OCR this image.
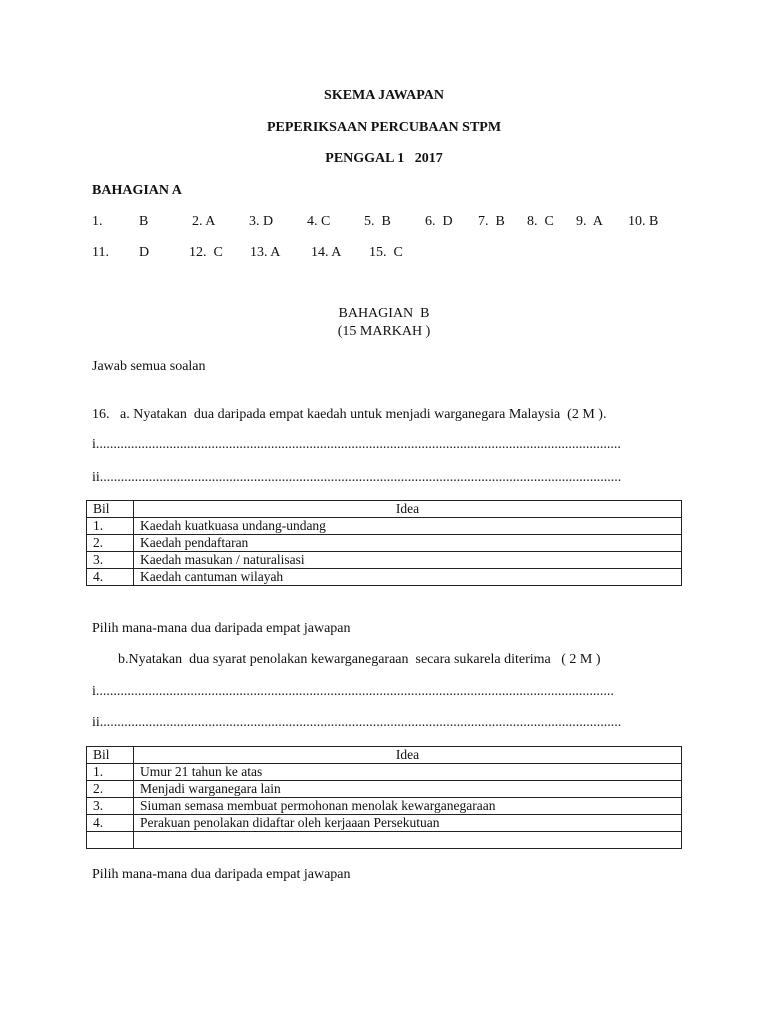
SKEMA JAWAPAN
PEPERIKSAAN PERCUBAAN STPM
PENGGAL 1   2017
BAHAGIAN A
1.	B	2. A 3. D 4. C 5.  B 6.  D 7.  B 8.  C 9.  A 10. B
11. D	12.  C 13. A 14. A 15.  C
BAHAGIAN  B
(15 MARKAH )
Jawab semua soalan
16.   a. Nyatakan  dua daripada empat kaedah untuk menjadi warganegara Malaysia  (2 M ).
i......................................................................................................................................................
ii.....................................................................................................................................................
Bil	Idea
1.	Kaedah kuatkuasa undang-undang
2.	Kaedah pendaftaran
3.	Kaedah masukan / naturalisasi
4.	Kaedah cantuman wilayah
Pilih mana-mana dua daripada empat jawapan
b.Nyatakan  dua syarat penolakan kewarganegaraan  secara sukarela diterima   ( 2 M )
i....................................................................................................................................................
ii.....................................................................................................................................................
Bil	Idea
1.	Umur 21 tahun ke atas
2.	Menjadi warganegara lain
3.	Siuman semasa membuat permohonan menolak kewarganegaraan
4.	Perakuan penolakan didaftar oleh kerjaaan Persekutuan

Pilih mana-mana dua daripada empat jawapan
